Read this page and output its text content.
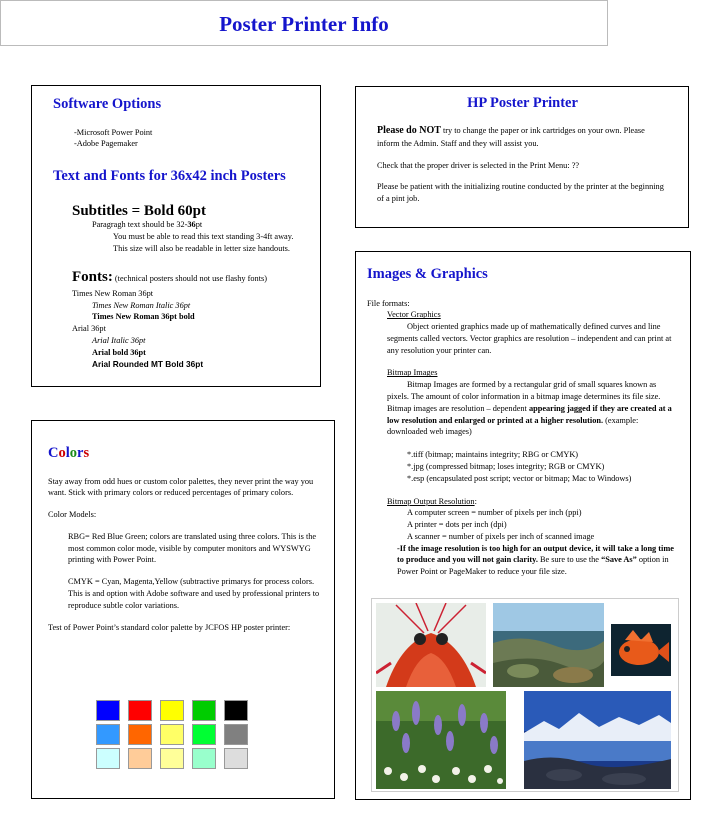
Poster Printer Info
Software Options
-Microsoft Power Point
-Adobe Pagemaker
Text and Fonts for 36x42 inch Posters
Subtitles = Bold 60pt
Paragragh text should be 32-36pt
You must be able to read this text standing 3-4ft away.
This size will also be readable in letter size handouts.
Fonts: (technical posters should not use flashy fonts)
Times New Roman 36pt
Times New Roman Italic 36pt
Times New Roman 36pt bold
Arial 36pt
Arial Italic 36pt
Arial bold 36pt
Arial Rounded MT Bold 36pt
HP Poster Printer

Please do NOT try to change the paper or ink cartridges on your own. Please inform the Admin. Staff and they will assist you.

Check that the proper driver is selected in the Print Menu: ??

Please be patient with the initializing routine conducted by the printer at the beginning of a pint job.

Images & Graphics
File formats:
Vector Graphics
Object oriented graphics made up of mathematically defined curves and line segments called vectors. Vector graphics are resolution – independent and can print at any resolution your printer can.
Bitmap Images
Bitmap Images are formed by a rectangular grid of small squares known as pixels. The amount of color information in a bitmap image determines its file size. Bitmap images are resolution – dependent appearing jagged if they are created at a low resolution and enlarged or printed at a higher resolution. (example: downloaded web images)
*.tiff (bitmap; maintains integrity; RBG or CMYK)
*.jpg (compressed bitmap; loses integrity; RGB or CMYK)
*.esp (encapsulated post script; vector or bitmap; Mac to Windows)
Bitmap Output Resolution:
A computer screen = number of pixels per inch (ppi)
A printer = dots per inch (dpi)
A scanner = number of pixels per inch of scanned image
-If the image resolution is too high for an output device, it will take a long time to produce and you will not gain clarity. Be sure to use the “Save As” option in Power Point or PageMaker to reduce your file size.
Colors

Stay away from odd hues or custom color palettes, they never print the way you want. Stick with primary colors or reduced percentages of primary colors.

Color Models:

RBG= Red Blue Green; colors are translated using three colors. This is the most common color mode, visible by computer monitors and WYSWYG printing with Power Point.

CMYK = Cyan, Magenta,Yellow (subtractive primarys for process colors. This is and option with Adobe software and used by professional printers to reproduce subtle color variations.

Test of Power Point’s standard color palette by JCFOS HP poster printer:
